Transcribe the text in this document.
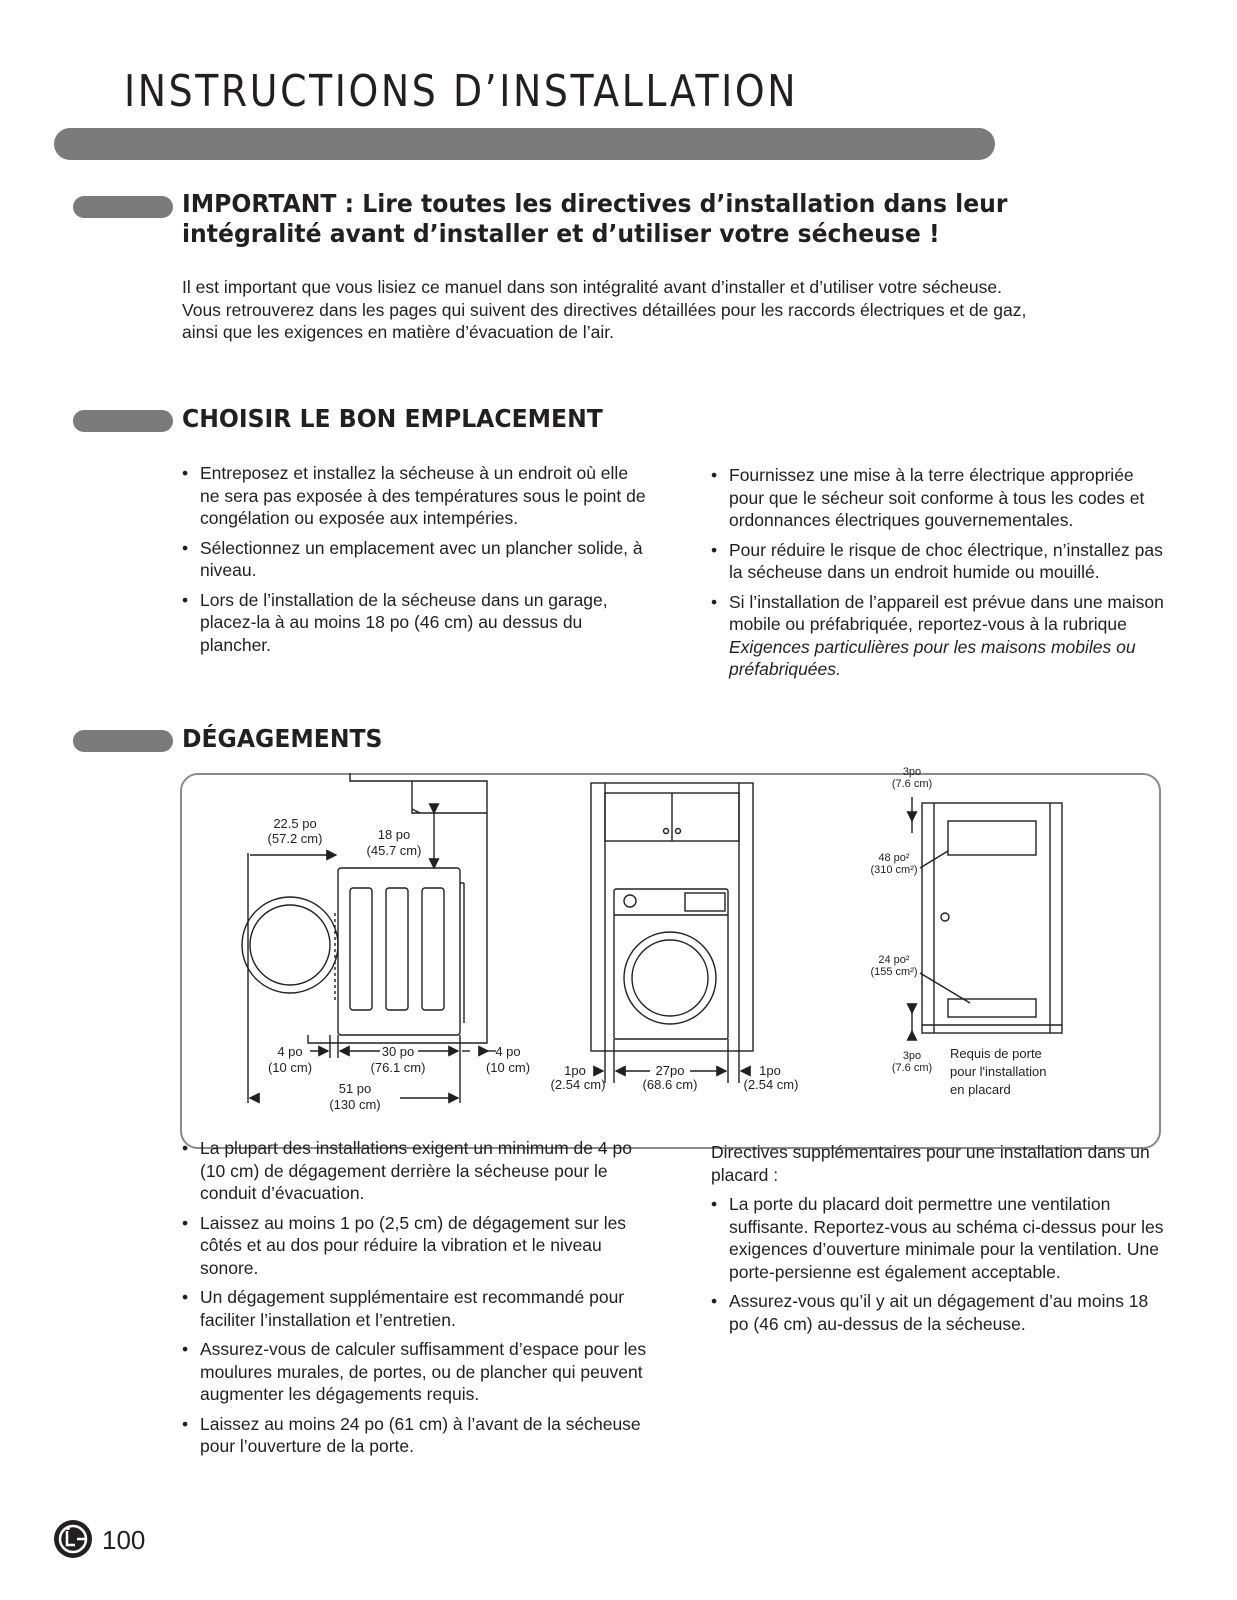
INSTRUCTIONS D’INSTALLATION
IMPORTANT : Lire toutes les directives d’installation dans leur
intégralité avant d’installer et d’utiliser votre sécheuse !

Il est important que vous lisiez ce manuel dans son intégralité avant d’installer et d’utiliser votre sécheuse.
Vous retrouverez dans les pages qui suivent des directives détaillées pour les raccords électriques et de gaz,
ainsi que les exigences en matière d’évacuation de l’air.

CHOISIR LE BON EMPLACEMENT
• Entreposez et installez la sécheuse à un endroit où elle ne sera pas exposée à des températures sous le point de congélation ou exposée aux intempéries.
• Sélectionnez un emplacement avec un plancher solide, à niveau.
• Lors de l’installation de la sécheuse dans un garage, placez-la à au moins 18 po (46 cm) au dessus du plancher.
• Fournissez une mise à la terre électrique appropriée pour que le sécheur soit conforme à tous les codes et ordonnances électriques gouvernementales.
• Pour réduire le risque de choc électrique, n’installez pas la sécheuse dans un endroit humide ou mouillé.
• Si l’installation de l’appareil est prévue dans une maison mobile ou préfabriquée, reportez-vous à la rubrique Exigences particulières pour les maisons mobiles ou préfabriquées.
DÉGAGEMENTS
22.5 po
(57.2 cm)	18 po
(45.7 cm)
4 po
(10 cm)
30 po
(76.1 cm)
4 po
(10 cm)
51 po
(130 cm)
1po
(2.54 cm)
27po
(68.6 cm)
1po
(2.54 cm)
3po
(7.6 cm)
48 po²
(310 cm²)
24 po²
(155 cm²)
3po
(7.6 cm)
Requis de porte
pour l'installation
en placard
• La plupart des installations exigent un minimum de 4 po (10 cm) de dégagement derrière la sécheuse pour le conduit d’évacuation.
• Laissez au moins 1 po (2,5 cm) de dégagement sur les côtés et au dos pour réduire la vibration et le niveau sonore.
• Un dégagement supplémentaire est recommandé pour faciliter l’installation et l’entretien.
• Assurez-vous de calculer suffisamment d’espace pour les moulures murales, de portes, ou de plancher qui peuvent augmenter les dégagements requis.
• Laissez au moins 24 po (61 cm) à l’avant de la sécheuse pour l’ouverture de la porte.

Directives supplémentaires pour une installation dans un placard :

• La porte du placard doit permettre une ventilation suffisante. Reportez-vous au schéma ci-dessus pour les exigences d’ouverture minimale pour la ventilation. Une porte-persienne est également acceptable.
• Assurez-vous qu’il y ait un dégagement d’au moins 18 po (46 cm) au-dessus de la sécheuse.
100
